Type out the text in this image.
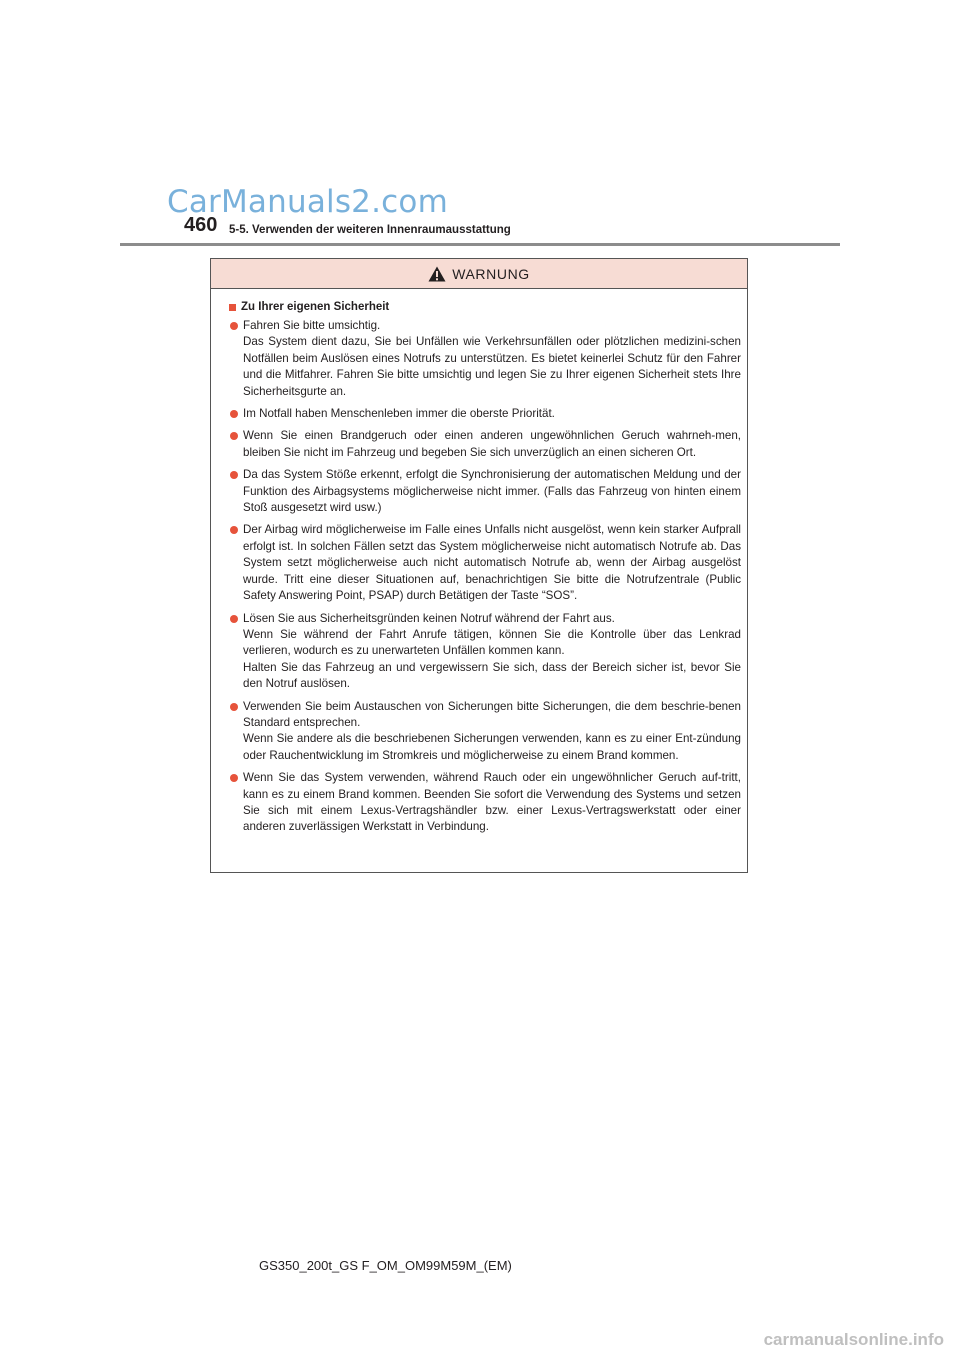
CarManuals2.com
460 5-5. Verwenden der weiteren Innenraumausstattung
WARNUNG
Zu Ihrer eigenen Sicherheit

Fahren Sie bitte umsichtig.

Das System dient dazu, Sie bei Unfällen wie Verkehrsunfällen oder plötzlichen medizini-schen Notfällen beim Auslösen eines Notrufs zu unterstützen. Es bietet keinerlei Schutz für den Fahrer und die Mitfahrer. Fahren Sie bitte umsichtig und legen Sie zu Ihrer eigenen Sicherheit stets Ihre Sicherheitsgurte an.

Im Notfall haben Menschenleben immer die oberste Priorität.

Wenn Sie einen Brandgeruch oder einen anderen ungewöhnlichen Geruch wahrneh-men, bleiben Sie nicht im Fahrzeug und begeben Sie sich unverzüglich an einen sicheren Ort.

Da das System Stöße erkennt, erfolgt die Synchronisierung der automatischen Meldung und der Funktion des Airbagsystems möglicherweise nicht immer. (Falls das Fahrzeug von hinten einem Stoß ausgesetzt wird usw.)

Der Airbag wird möglicherweise im Falle eines Unfalls nicht ausgelöst, wenn kein starker Aufprall erfolgt ist. In solchen Fällen setzt das System möglicherweise nicht automatisch Notrufe ab. Das System setzt möglicherweise auch nicht automatisch Notrufe ab, wenn der Airbag ausgelöst wurde. Tritt eine dieser Situationen auf, benachrichtigen Sie bitte die Notrufzentrale (Public Safety Answering Point, PSAP) durch Betätigen der Taste “SOS”.

Lösen Sie aus Sicherheitsgründen keinen Notruf während der Fahrt aus.

Wenn Sie während der Fahrt Anrufe tätigen, können Sie die Kontrolle über das Lenkrad verlieren, wodurch es zu unerwarteten Unfällen kommen kann.

Halten Sie das Fahrzeug an und vergewissern Sie sich, dass der Bereich sicher ist, bevor Sie den Notruf auslösen.

Verwenden Sie beim Austauschen von Sicherungen bitte Sicherungen, die dem beschrie-benen Standard entsprechen.

Wenn Sie andere als die beschriebenen Sicherungen verwenden, kann es zu einer Ent-zündung oder Rauchentwicklung im Stromkreis und möglicherweise zu einem Brand kommen.

Wenn Sie das System verwenden, während Rauch oder ein ungewöhnlicher Geruch auf-tritt, kann es zu einem Brand kommen. Beenden Sie sofort die Verwendung des Systems und setzen Sie sich mit einem Lexus-Vertragshändler bzw. einer Lexus-Vertragswerkstatt oder einer anderen zuverlässigen Werkstatt in Verbindung.

GS350_200t_GS F_OM_OM99M59M_(EM)
carmanualsonline.info
